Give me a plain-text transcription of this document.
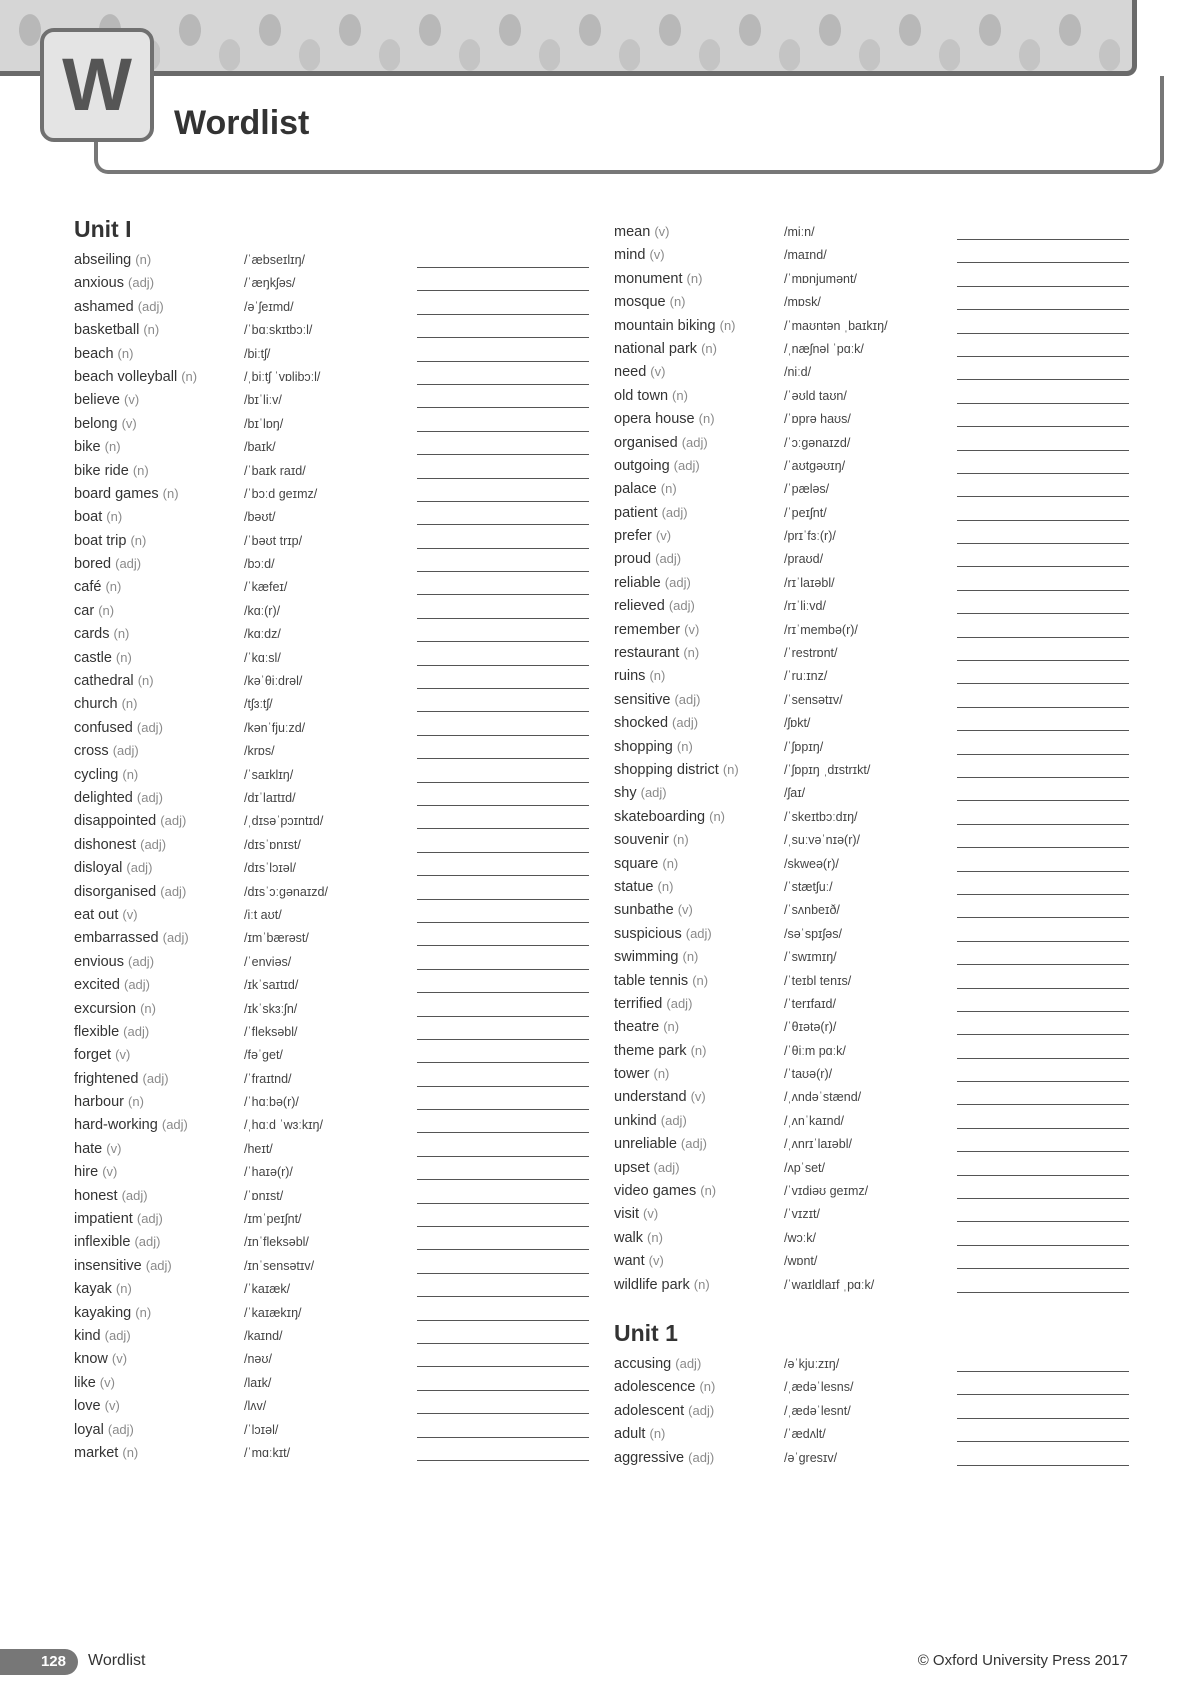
W Wordlist
Unit I
abseiling (n)	/ˈæbseɪlɪŋ/
anxious (adj)	/ˈæŋkʃəs/
ashamed (adj)	/əˈʃeɪmd/
basketball (n)	/ˈbɑːskɪtbɔːl/
beach (n)	/biːtʃ/
beach volleyball (n)	/ˌbiːtʃ ˈvɒlibɔːl/
believe (v)	/bɪˈliːv/
belong (v)	/bɪˈlɒŋ/
bike (n)	/baɪk/
bike ride (n)	/ˈbaɪk raɪd/
board games (n)	/ˈbɔːd geɪmz/
boat (n)	/bəʊt/
boat trip (n)	/ˈbəʊt trɪp/
bored (adj)	/bɔːd/
café (n)	/ˈkæfeɪ/
car (n)	/kɑː(r)/
cards (n)	/kɑːdz/
castle (n)	/ˈkɑːsl/
cathedral (n)	/kəˈθiːdrəl/
church (n)	/tʃɜːtʃ/
confused (adj)	/kənˈfjuːzd/
cross (adj)	/krɒs/
cycling (n)	/ˈsaɪklɪŋ/
delighted (adj)	/dɪˈlaɪtɪd/
disappointed (adj)	/ˌdɪsəˈpɔɪntɪd/
dishonest (adj)	/dɪsˈɒnɪst/
disloyal (adj)	/dɪsˈlɔɪəl/
disorganised (adj)	/dɪsˈɔːgənaɪzd/
eat out (v)	/iːt aʊt/
embarrassed (adj)	/ɪmˈbærəst/
envious (adj)	/ˈenviəs/
excited (adj)	/ɪkˈsaɪtɪd/
excursion (n)	/ɪkˈskɜːʃn/
flexible (adj)	/ˈfleksəbl/
forget (v)	/fəˈget/
frightened (adj)	/ˈfraɪtnd/
harbour (n)	/ˈhɑːbə(r)/
hard-working (adj)	/ˌhɑːd ˈwɜːkɪŋ/
hate (v)	/heɪt/
hire (v)	/ˈhaɪə(r)/
honest (adj)	/ˈɒnɪst/
impatient (adj)	/ɪmˈpeɪʃnt/
inflexible (adj)	/ɪnˈfleksəbl/
insensitive (adj)	/ɪnˈsensətɪv/
kayak (n)	/ˈkaɪæk/
kayaking (n)	/ˈkaɪækɪŋ/
kind (adj)	/kaɪnd/
know (v)	/nəʊ/
like (v)	/laɪk/
love (v)	/lʌv/
loyal (adj)	/ˈlɔɪəl/
market (n)	/ˈmɑːkɪt/
mean (v)	/miːn/
mind (v)	/maɪnd/
monument (n)	/ˈmɒnjumənt/
mosque (n)	/mɒsk/
mountain biking (n)	/ˈmaʊntən ˌbaɪkɪŋ/
national park (n)	/ˌnæʃnəl ˈpɑːk/
need (v)	/niːd/
old town (n)	/ˈəʊld taʊn/
opera house (n)	/ˈɒprə haʊs/
organised (adj)	/ˈɔːgənaɪzd/
outgoing (adj)	/ˈaʊtgəʊɪŋ/
palace (n)	/ˈpæləs/
patient (adj)	/ˈpeɪʃnt/
prefer (v)	/prɪˈfɜː(r)/
proud (adj)	/praʊd/
reliable (adj)	/rɪˈlaɪəbl/
relieved (adj)	/rɪˈliːvd/
remember (v)	/rɪˈmembə(r)/
restaurant (n)	/ˈrestrɒnt/
ruins (n)	/ˈruːɪnz/
sensitive (adj)	/ˈsensətɪv/
shocked (adj)	/ʃɒkt/
shopping (n)	/ˈʃɒpɪŋ/
shopping district (n)	/ˈʃɒpɪŋ ˌdɪstrɪkt/
shy (adj)	/ʃaɪ/
skateboarding (n)	/ˈskeɪtbɔːdɪŋ/
souvenir (n)	/ˌsuːvəˈnɪə(r)/
square (n)	/skweə(r)/
statue (n)	/ˈstætʃuː/
sunbathe (v)	/ˈsʌnbeɪð/
suspicious (adj)	/səˈspɪʃəs/
swimming (n)	/ˈswɪmɪŋ/
table tennis (n)	/ˈteɪbl tenɪs/
terrified (adj)	/ˈterɪfaɪd/
theatre (n)	/ˈθɪətə(r)/
theme park (n)	/ˈθiːm pɑːk/
tower (n)	/ˈtaʊə(r)/
understand (v)	/ˌʌndəˈstænd/
unkind (adj)	/ˌʌnˈkaɪnd/
unreliable (adj)	/ˌʌnrɪˈlaɪəbl/
upset (adj)	/ʌpˈset/
video games (n)	/ˈvɪdiəʊ geɪmz/
visit (v)	/ˈvɪzɪt/
walk (n)	/wɔːk/
want (v)	/wɒnt/
wildlife park (n)	/ˈwaɪldlaɪf ˌpɑːk/
Unit 1
accusing (adj)	/əˈkjuːzɪŋ/
adolescence (n)	/ˌædəˈlesns/
adolescent (adj)	/ˌædəˈlesnt/
adult (n)	/ˈædʌlt/
aggressive (adj)	/əˈgresɪv/
128	Wordlist	© Oxford University Press 2017
